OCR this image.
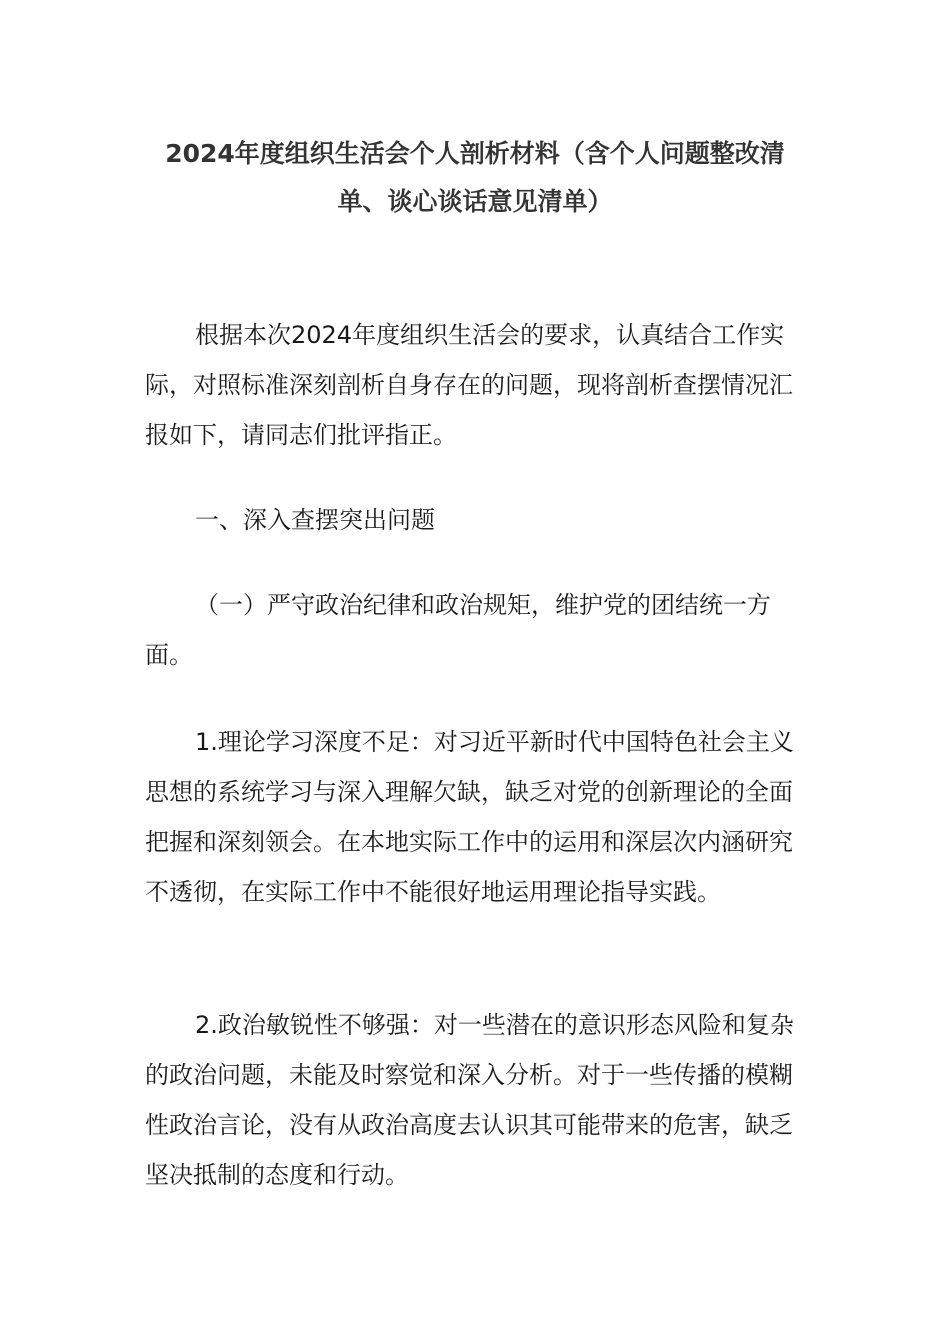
2024年度组织生活会个人剖析材料（含个人问题整改清
单、谈心谈话意见清单）

根据本次2024年度组织生活会的要求，认真结合工作实际，对照标准深刻剖析自身存在的问题，现将剖析查摆情况汇报如下，请同志们批评指正。

一、深入查摆突出问题

（一）严守政治纪律和政治规矩，维护党的团结统一方面。

1.理论学习深度不足：对习近平新时代中国特色社会主义思想的系统学习与深入理解欠缺，缺乏对党的创新理论的全面把握和深刻领会。在本地实际工作中的运用和深层次内涵研究不透彻，在实际工作中不能很好地运用理论指导实践。

2.政治敏锐性不够强：对一些潜在的意识形态风险和复杂的政治问题，未能及时察觉和深入分析。对于一些传播的模糊性政治言论，没有从政治高度去认识其可能带来的危害，缺乏坚决抵制的态度和行动。
